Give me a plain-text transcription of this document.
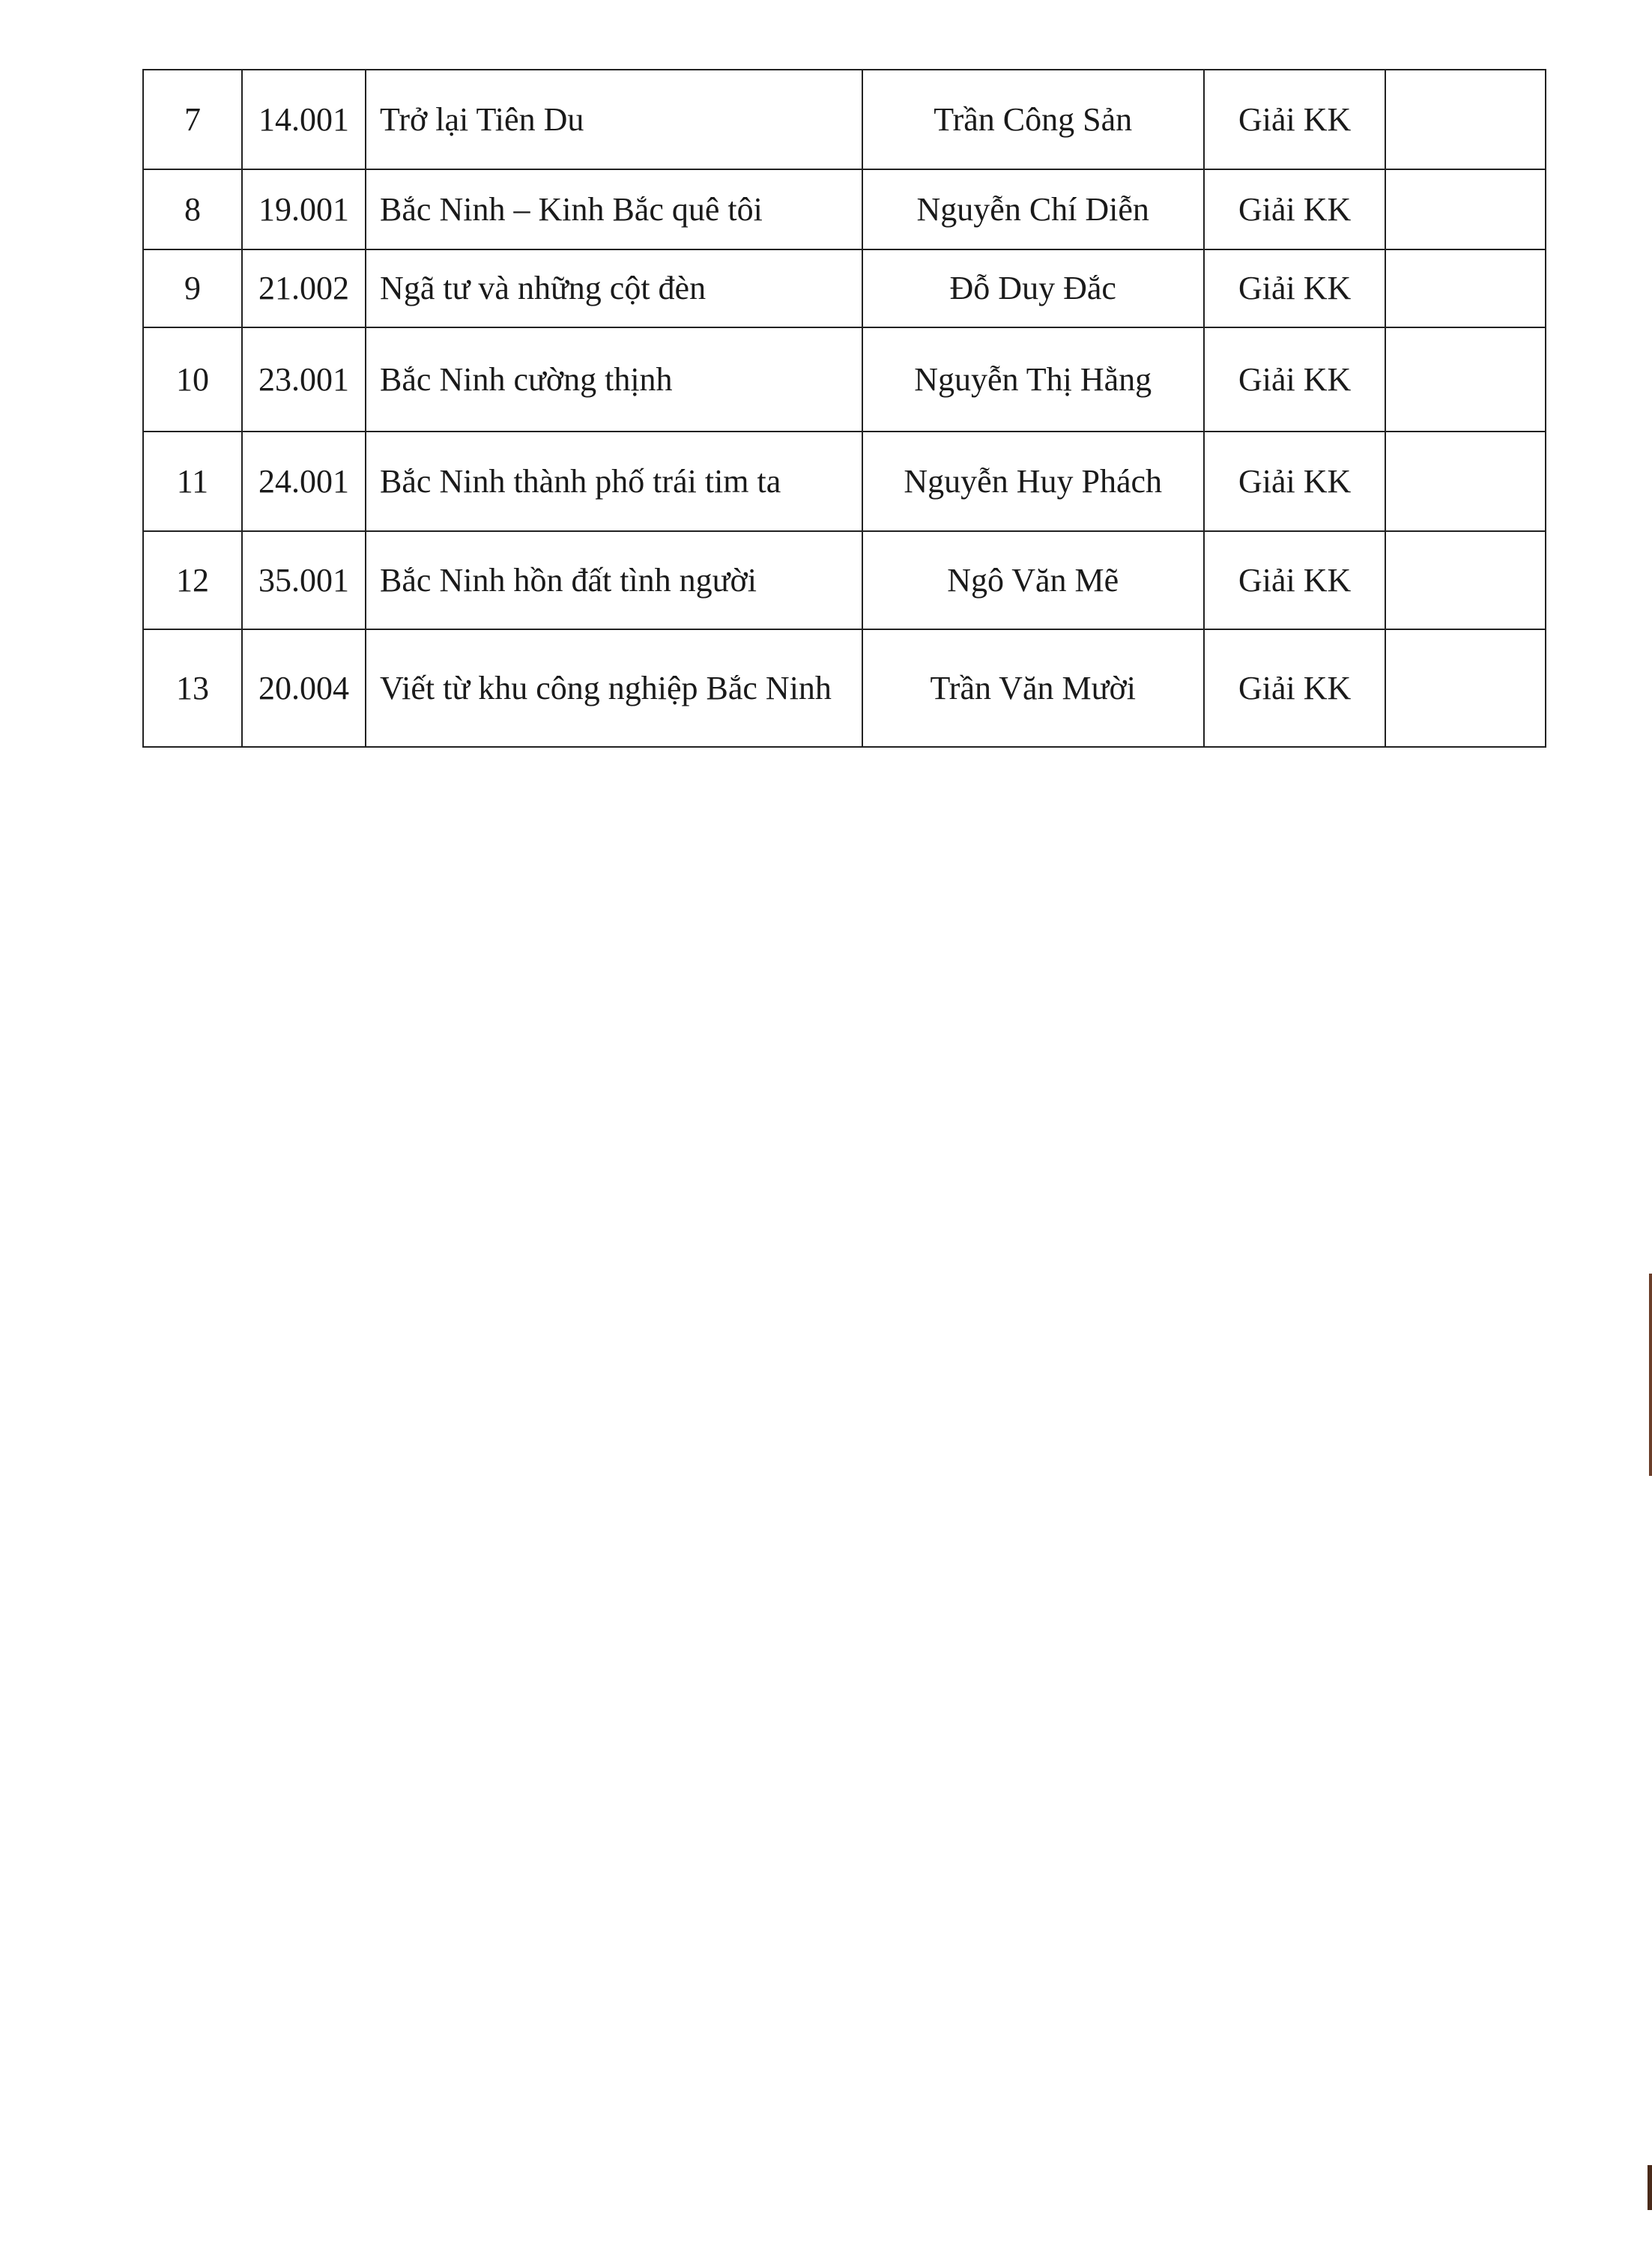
7	14.001	Trở lại Tiên Du	Trần Công Sản	Giải KK	
8	19.001	Bắc Ninh – Kinh Bắc quê tôi	Nguyễn Chí Diễn	Giải KK	
9	21.002	Ngã tư và những cột đèn	Đỗ Duy Đắc	Giải KK	
10	23.001	Bắc Ninh cường thịnh	Nguyễn Thị Hằng	Giải KK	
11	24.001	Bắc Ninh thành phố trái tim ta	Nguyễn Huy Phách	Giải KK	
12	35.001	Bắc Ninh hồn đất tình người	Ngô Văn Mẽ	Giải KK	
13	20.004	Viết từ khu công nghiệp Bắc Ninh	Trần Văn Mười	Giải KK	
